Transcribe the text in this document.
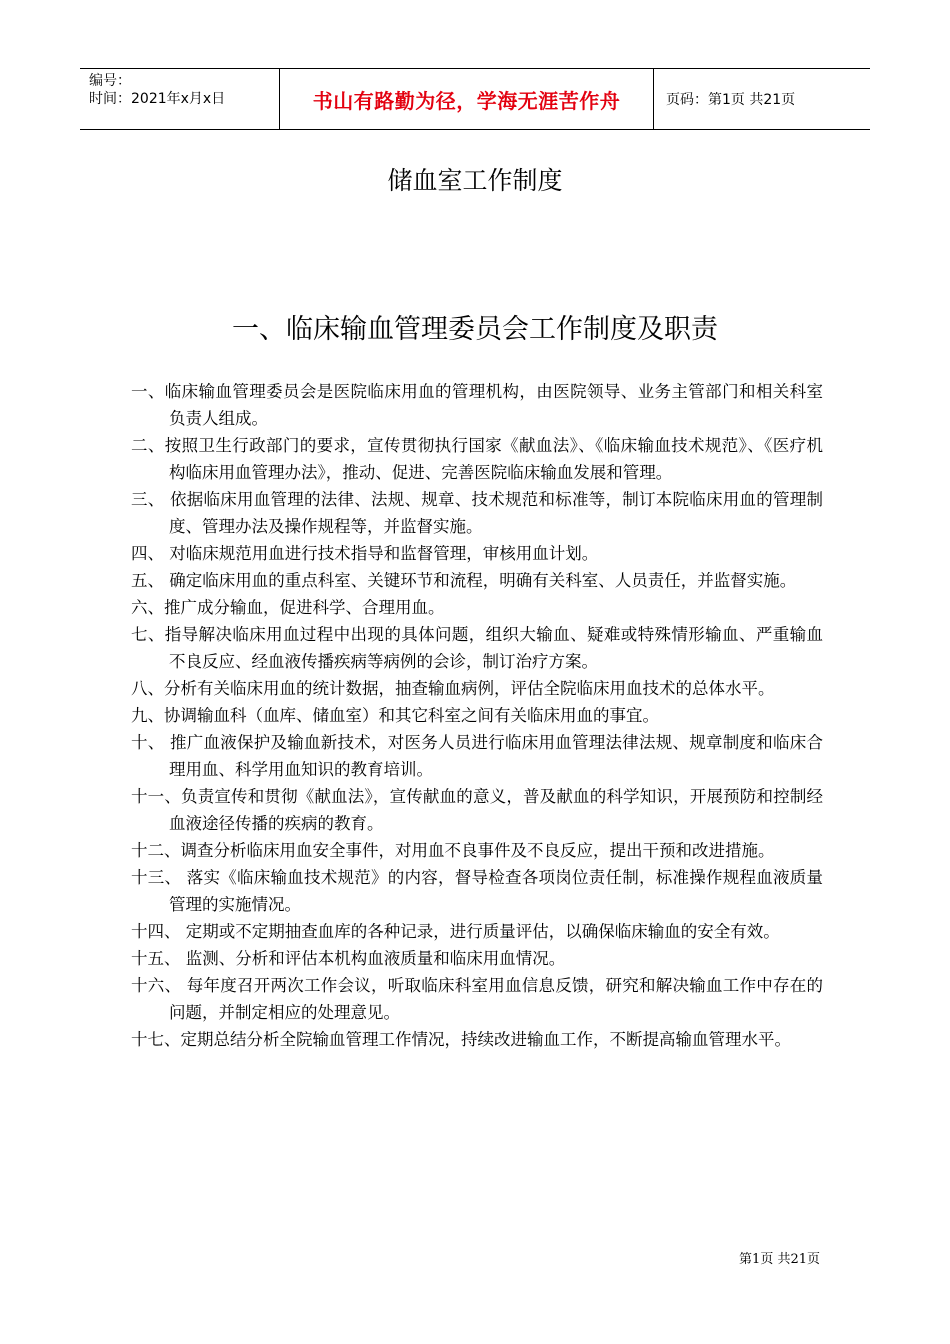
编号：
时间：2021年x月x日	书山有路勤为径，学海无涯苦作舟	页码：第1页 共21页
储血室工作制度
一、临床输血管理委员会工作制度及职责
一、临床输血管理委员会是医院临床用血的管理机构，由医院领导、业务主管部门和相关科室负责人组成。
二、按照卫生行政部门的要求，宣传贯彻执行国家《献血法》、《临床输血技术规范》、《医疗机构临床用血管理办法》，推动、促进、完善医院临床输血发展和管理。
三、 依据临床用血管理的法律、法规、规章、技术规范和标准等，制订本院临床用血的管理制度、管理办法及操作规程等，并监督实施。
四、 对临床规范用血进行技术指导和监督管理，审核用血计划。
五、 确定临床用血的重点科室、关键环节和流程，明确有关科室、人员责任，并监督实施。
六、推广成分输血，促进科学、合理用血。
七、指导解决临床用血过程中出现的具体问题，组织大输血、疑难或特殊情形输血、严重输血不良反应、经血液传播疾病等病例的会诊，制订治疗方案。
八、分析有关临床用血的统计数据，抽查输血病例，评估全院临床用血技术的总体水平。
九、协调输血科（血库、储血室）和其它科室之间有关临床用血的事宜。
十、 推广血液保护及输血新技术，对医务人员进行临床用血管理法律法规、规章制度和临床合理用血、科学用血知识的教育培训。
十一、负责宣传和贯彻《献血法》，宣传献血的意义，普及献血的科学知识，开展预防和控制经血液途径传播的疾病的教育。
十二、调查分析临床用血安全事件，对用血不良事件及不良反应，提出干预和改进措施。
十三、 落实《临床输血技术规范》的内容，督导检查各项岗位责任制，标准操作规程血液质量管理的实施情况。
十四、 定期或不定期抽查血库的各种记录，进行质量评估，以确保临床输血的安全有效。
十五、 监测、分析和评估本机构血液质量和临床用血情况。
十六、 每年度召开两次工作会议，听取临床科室用血信息反馈，研究和解决输血工作中存在的问题，并制定相应的处理意见。
十七、定期总结分析全院输血管理工作情况，持续改进输血工作，不断提高输血管理水平。
第1页 共21页
